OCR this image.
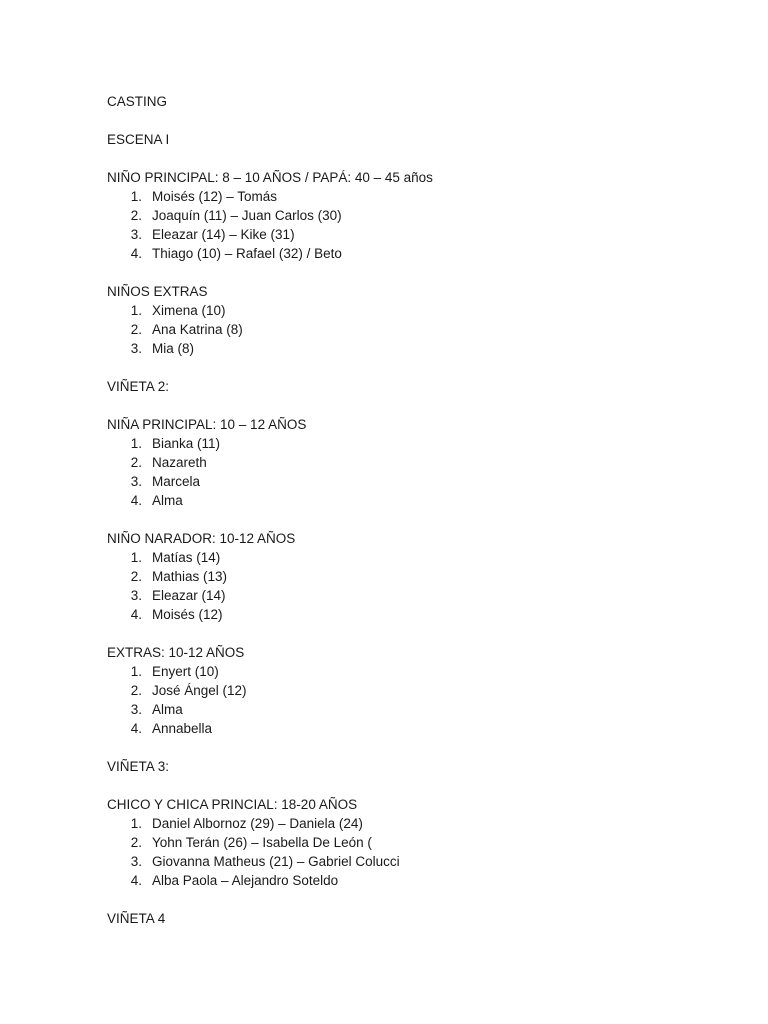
CASTING
ESCENA I
NIÑO PRINCIPAL: 8 – 10 AÑOS / PAPÁ: 40 – 45 años
1. Moisés (12) – Tomás
2. Joaquín (11) – Juan Carlos (30)
3. Eleazar (14) – Kike (31)
4. Thiago (10) – Rafael (32) / Beto
NIÑOS EXTRAS
1. Ximena (10)
2. Ana Katrina (8)
3. Mia (8)
VIÑETA 2:
NIÑA PRINCIPAL: 10 – 12 AÑOS
1. Bianka (11)
2. Nazareth
3. Marcela
4. Alma
NIÑO NARADOR: 10-12 AÑOS
1. Matías (14)
2. Mathias (13)
3. Eleazar (14)
4. Moisés (12)
EXTRAS: 10-12 AÑOS
1. Enyert (10)
2. José Ángel (12)
3. Alma
4. Annabella
VIÑETA 3:
CHICO Y CHICA PRINCIAL: 18-20 AÑOS
1. Daniel Albornoz (29) – Daniela (24)
2. Yohn Terán (26) – Isabella De León (
3. Giovanna Matheus (21) – Gabriel Colucci
4. Alba Paola – Alejandro Soteldo
VIÑETA 4
